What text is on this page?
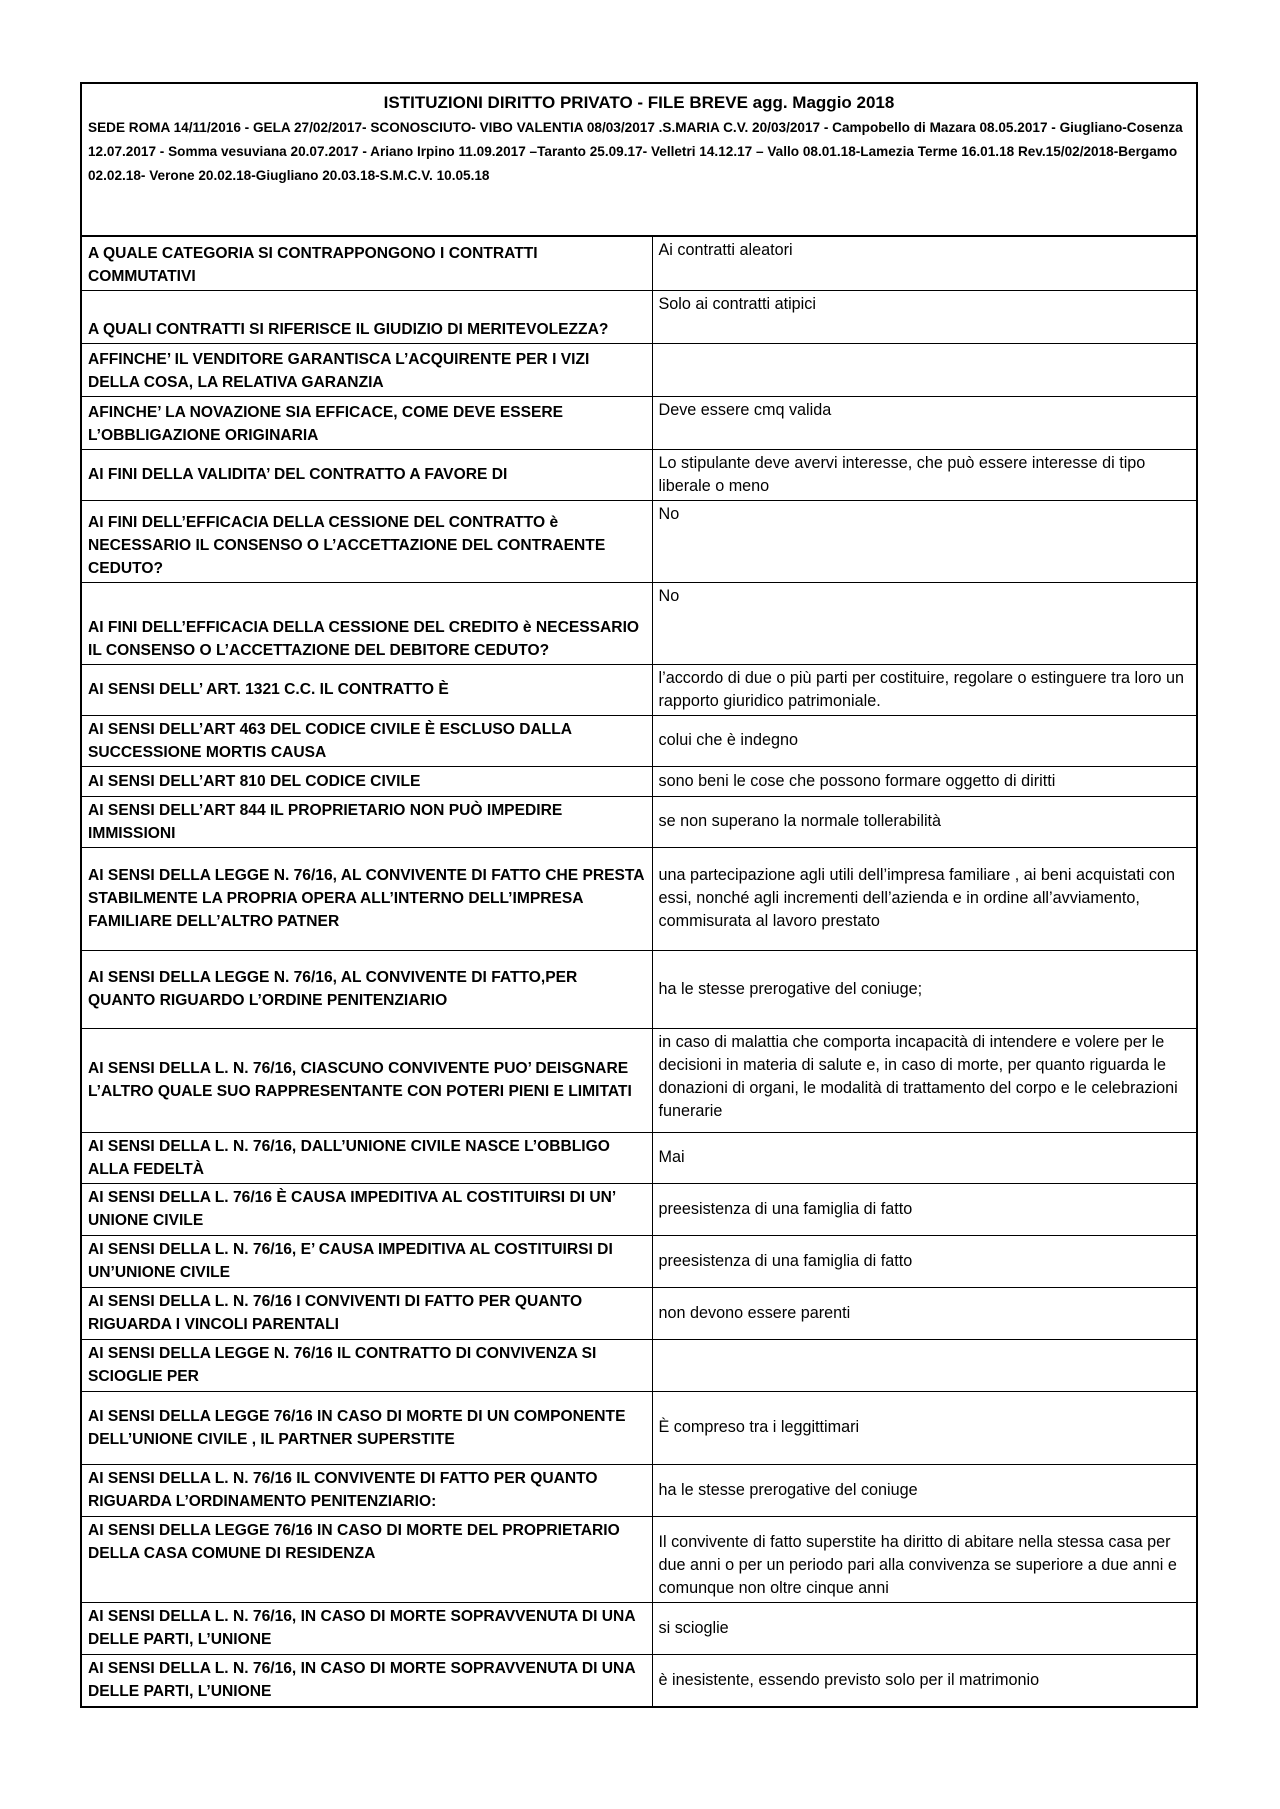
ISTITUZIONI DIRITTO PRIVATO - FILE BREVE agg. Maggio 2018
SEDE ROMA 14/11/2016 - GELA 27/02/2017- SCONOSCIUTO- VIBO VALENTIA 08/03/2017 .S.MARIA C.V. 20/03/2017 - Campobello di Mazara 08.05.2017 - Giugliano-Cosenza 12.07.2017 - Somma vesuviana 20.07.2017 - Ariano Irpino 11.09.2017 –Taranto 25.09.17- Velletri 14.12.17 – Vallo 08.01.18-Lamezia Terme 16.01.18 Rev.15/02/2018-Bergamo 02.02.18- Verone 20.02.18-Giugliano 20.03.18-S.M.C.V. 10.05.18
A QUALE CATEGORIA SI CONTRAPPONGONO I CONTRATTI COMMUTATIVI	Ai contratti aleatori
A QUALI CONTRATTI SI RIFERISCE IL GIUDIZIO DI MERITEVOLEZZA?	Solo ai contratti atipici
AFFINCHE’ IL VENDITORE GARANTISCA L’ACQUIRENTE PER I VIZI DELLA COSA, LA RELATIVA GARANZIA	
AFINCHE’ LA NOVAZIONE SIA EFFICACE, COME DEVE ESSERE L’OBBLIGAZIONE ORIGINARIA	Deve essere cmq valida
AI FINI DELLA VALIDITA’ DEL CONTRATTO A FAVORE DI	Lo stipulante deve avervi interesse, che può essere interesse di tipo liberale o meno
AI FINI DELL’EFFICACIA DELLA CESSIONE DEL CONTRATTO è NECESSARIO IL CONSENSO O L’ACCETTAZIONE DEL CONTRAENTE CEDUTO?	No
AI FINI DELL’EFFICACIA DELLA CESSIONE DEL CREDITO è NECESSARIO IL CONSENSO O L’ACCETTAZIONE DEL DEBITORE CEDUTO?	No
AI SENSI DELL’ ART. 1321 C.C. IL CONTRATTO È	l’accordo di due o più parti per costituire, regolare o estinguere tra loro un rapporto giuridico patrimoniale.
AI SENSI DELL’ART 463 DEL CODICE CIVILE È ESCLUSO DALLA SUCCESSIONE MORTIS CAUSA	colui che è indegno
AI SENSI DELL’ART 810 DEL CODICE CIVILE	sono beni le cose che possono formare oggetto di diritti
AI SENSI DELL’ART 844 IL PROPRIETARIO NON PUÒ IMPEDIRE IMMISSIONI	se non superano la normale tollerabilità
AI SENSI DELLA LEGGE N. 76/16, AL CONVIVENTE DI FATTO CHE PRESTA STABILMENTE LA PROPRIA OPERA ALL’INTERNO DELL’IMPRESA FAMILIARE DELL’ALTRO PATNER	una partecipazione agli utili dell’impresa familiare , ai beni acquistati con essi, nonché agli incrementi dell’azienda e in ordine all’avviamento, commisurata al lavoro prestato
AI SENSI DELLA LEGGE N. 76/16, AL CONVIVENTE DI FATTO,PER QUANTO RIGUARDO L’ORDINE PENITENZIARIO	ha le stesse prerogative del coniuge;
AI SENSI DELLA L. N. 76/16, CIASCUNO CONVIVENTE PUO’ DEISGNARE L’ALTRO QUALE SUO RAPPRESENTANTE CON POTERI PIENI E LIMITATI	in caso di malattia che comporta incapacità di intendere e volere per le decisioni in materia di salute e, in caso di morte, per quanto riguarda le donazioni di organi, le modalità di trattamento del corpo e le celebrazioni funerarie
AI SENSI DELLA L. N. 76/16, DALL’UNIONE CIVILE NASCE L’OBBLIGO ALLA FEDELTÀ	Mai
AI SENSI DELLA L. 76/16 È CAUSA IMPEDITIVA AL COSTITUIRSI DI UN’ UNIONE CIVILE	preesistenza di una famiglia di fatto
AI SENSI DELLA L. N. 76/16, E’ CAUSA IMPEDITIVA AL COSTITUIRSI DI UN’UNIONE CIVILE	preesistenza di una famiglia di fatto
AI SENSI DELLA L. N. 76/16 I CONVIVENTI DI FATTO PER QUANTO RIGUARDA I VINCOLI PARENTALI	non devono essere parenti
AI SENSI DELLA LEGGE N. 76/16 IL CONTRATTO DI CONVIVENZA SI SCIOGLIE PER	
AI SENSI DELLA LEGGE 76/16 IN CASO DI MORTE DI UN COMPONENTE DELL’UNIONE CIVILE , IL PARTNER SUPERSTITE	È compreso tra i leggittimari
AI SENSI DELLA L. N. 76/16 IL CONVIVENTE DI FATTO PER QUANTO RIGUARDA L’ORDINAMENTO PENITENZIARIO:	ha le stesse prerogative del coniuge
AI SENSI DELLA LEGGE 76/16 IN CASO DI MORTE DEL PROPRIETARIO DELLA CASA COMUNE DI RESIDENZA	Il convivente di fatto superstite ha diritto di abitare nella stessa casa per due anni o per un periodo pari alla convivenza se superiore a due anni e comunque non oltre cinque anni
AI SENSI DELLA L. N. 76/16, IN CASO DI MORTE SOPRAVVENUTA DI UNA DELLE PARTI, L’UNIONE	si scioglie
AI SENSI DELLA L. N. 76/16, IN CASO DI MORTE SOPRAVVENUTA DI UNA DELLE PARTI, L’UNIONE	è inesistente, essendo previsto solo per il matrimonio
